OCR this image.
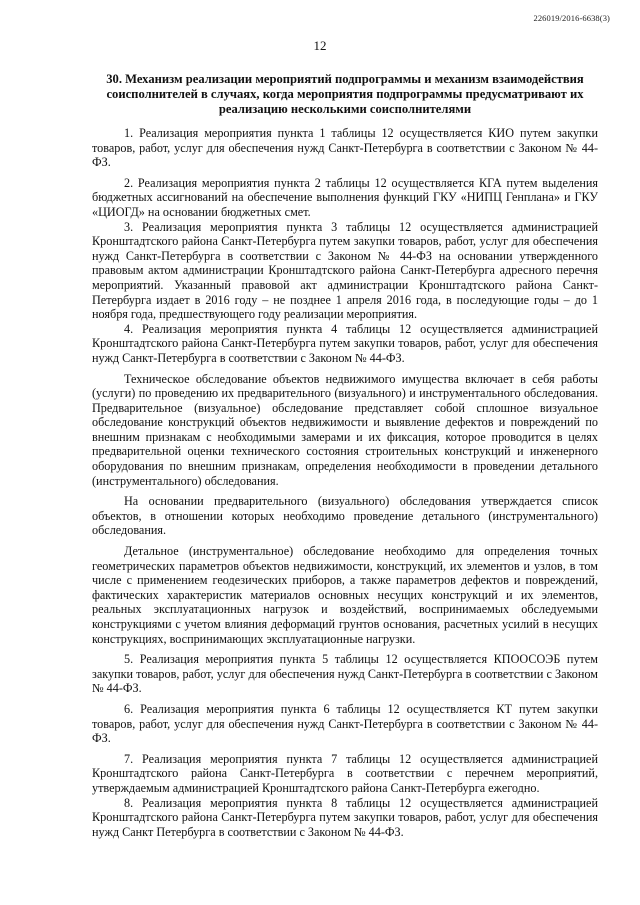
226019/2016-6638(3)
12
30. Механизм реализации мероприятий подпрограммы и механизм взаимодействия соисполнителей в случаях, когда мероприятия подпрограммы предусматривают их реализацию несколькими соисполнителями

1. Реализация мероприятия пункта 1 таблицы 12 осуществляется КИО путем закупки товаров, работ, услуг для обеспечения нужд Санкт-Петербурга в соответствии с Законом № 44-ФЗ.

2. Реализация мероприятия пункта 2 таблицы 12 осуществляется КГА путем выделения бюджетных ассигнований на обеспечение выполнения функций ГКУ «НИПЦ Генплана» и ГКУ «ЦИОГД» на основании бюджетных смет.

3. Реализация мероприятия пункта 3 таблицы 12 осуществляется администрацией Кронштадтского района Санкт-Петербурга путем закупки товаров, работ, услуг для обеспечения нужд Санкт-Петербурга в соответствии с Законом № 44-ФЗ на основании утвержденного правовым актом администрации Кронштадтского района Санкт-Петербурга адресного перечня мероприятий. Указанный правовой акт администрации Кронштадтского района Санкт-Петербурга издает в 2016 году – не позднее 1 апреля 2016 года, в последующие годы – до 1 ноября года, предшествующего году реализации мероприятия.

4. Реализация мероприятия пункта 4 таблицы 12 осуществляется администрацией Кронштадтского района Санкт-Петербурга путем закупки товаров, работ, услуг для обеспечения нужд Санкт-Петербурга в соответствии с Законом № 44-ФЗ.

Техническое обследование объектов недвижимого имущества включает в себя работы (услуги) по проведению их предварительного (визуального) и инструментального обследования. Предварительное (визуальное) обследование представляет собой сплошное визуальное обследование конструкций объектов недвижимости и выявление дефектов и повреждений по внешним признакам с необходимыми замерами и их фиксация, которое проводится в целях предварительной оценки технического состояния строительных конструкций и инженерного оборудования по внешним признакам, определения необходимости в проведении детального (инструментального) обследования.

На основании предварительного (визуального) обследования утверждается список объектов, в отношении которых необходимо проведение детального (инструментального) обследования.

Детальное (инструментальное) обследование необходимо для определения точных геометрических параметров объектов недвижимости, конструкций, их элементов и узлов, в том числе с применением геодезических приборов, а также параметров дефектов и повреждений, фактических характеристик материалов основных несущих конструкций и их элементов, реальных эксплуатационных нагрузок и воздействий, воспринимаемых обследуемыми конструкциями с учетом влияния деформаций грунтов основания, расчетных усилий в несущих конструкциях, воспринимающих эксплуатационные нагрузки.

5. Реализация мероприятия пункта 5 таблицы 12 осуществляется КПООСОЭБ путем закупки товаров, работ, услуг для обеспечения нужд Санкт-Петербурга в соответствии с Законом № 44-ФЗ.

6. Реализация мероприятия пункта 6 таблицы 12 осуществляется КТ путем закупки товаров, работ, услуг для обеспечения нужд Санкт-Петербурга в соответствии с Законом № 44-ФЗ.

7. Реализация мероприятия пункта 7 таблицы 12 осуществляется администрацией Кронштадтского района Санкт-Петербурга в соответствии с перечнем мероприятий, утверждаемым администрацией Кронштадтского района Санкт-Петербурга ежегодно.

8. Реализация мероприятия пункта 8 таблицы 12 осуществляется администрацией Кронштадтского района Санкт-Петербурга путем закупки товаров, работ, услуг для обеспечения нужд Санкт Петербурга в соответствии с Законом № 44-ФЗ.
